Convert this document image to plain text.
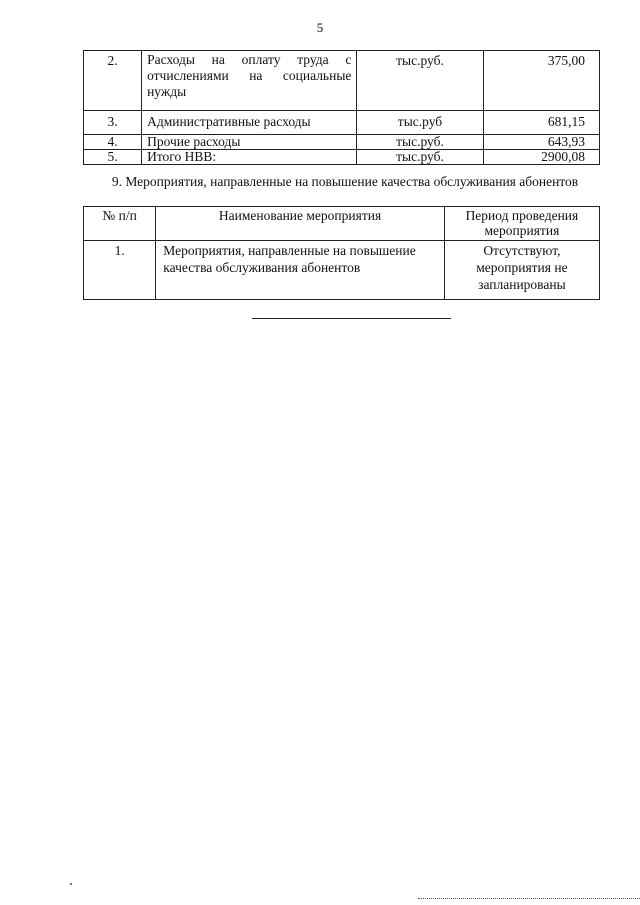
5
2.	Расходы на оплату труда с отчислениями на социальные нужды	тыс.руб.	375,00
3.	Административные расходы	тыс.руб	681,15
4.	Прочие расходы	тыс.руб.	643,93
5.	Итого НВВ:	тыс.руб.	2900,08
9. Мероприятия, направленные на повышение качества обслуживания абонентов
№ п/п	Наименование мероприятия	Период проведения мероприятия
1.	Мероприятия, направленные на повышение качества обслуживания абонентов	Отсутствуют, мероприятия не запланированы
